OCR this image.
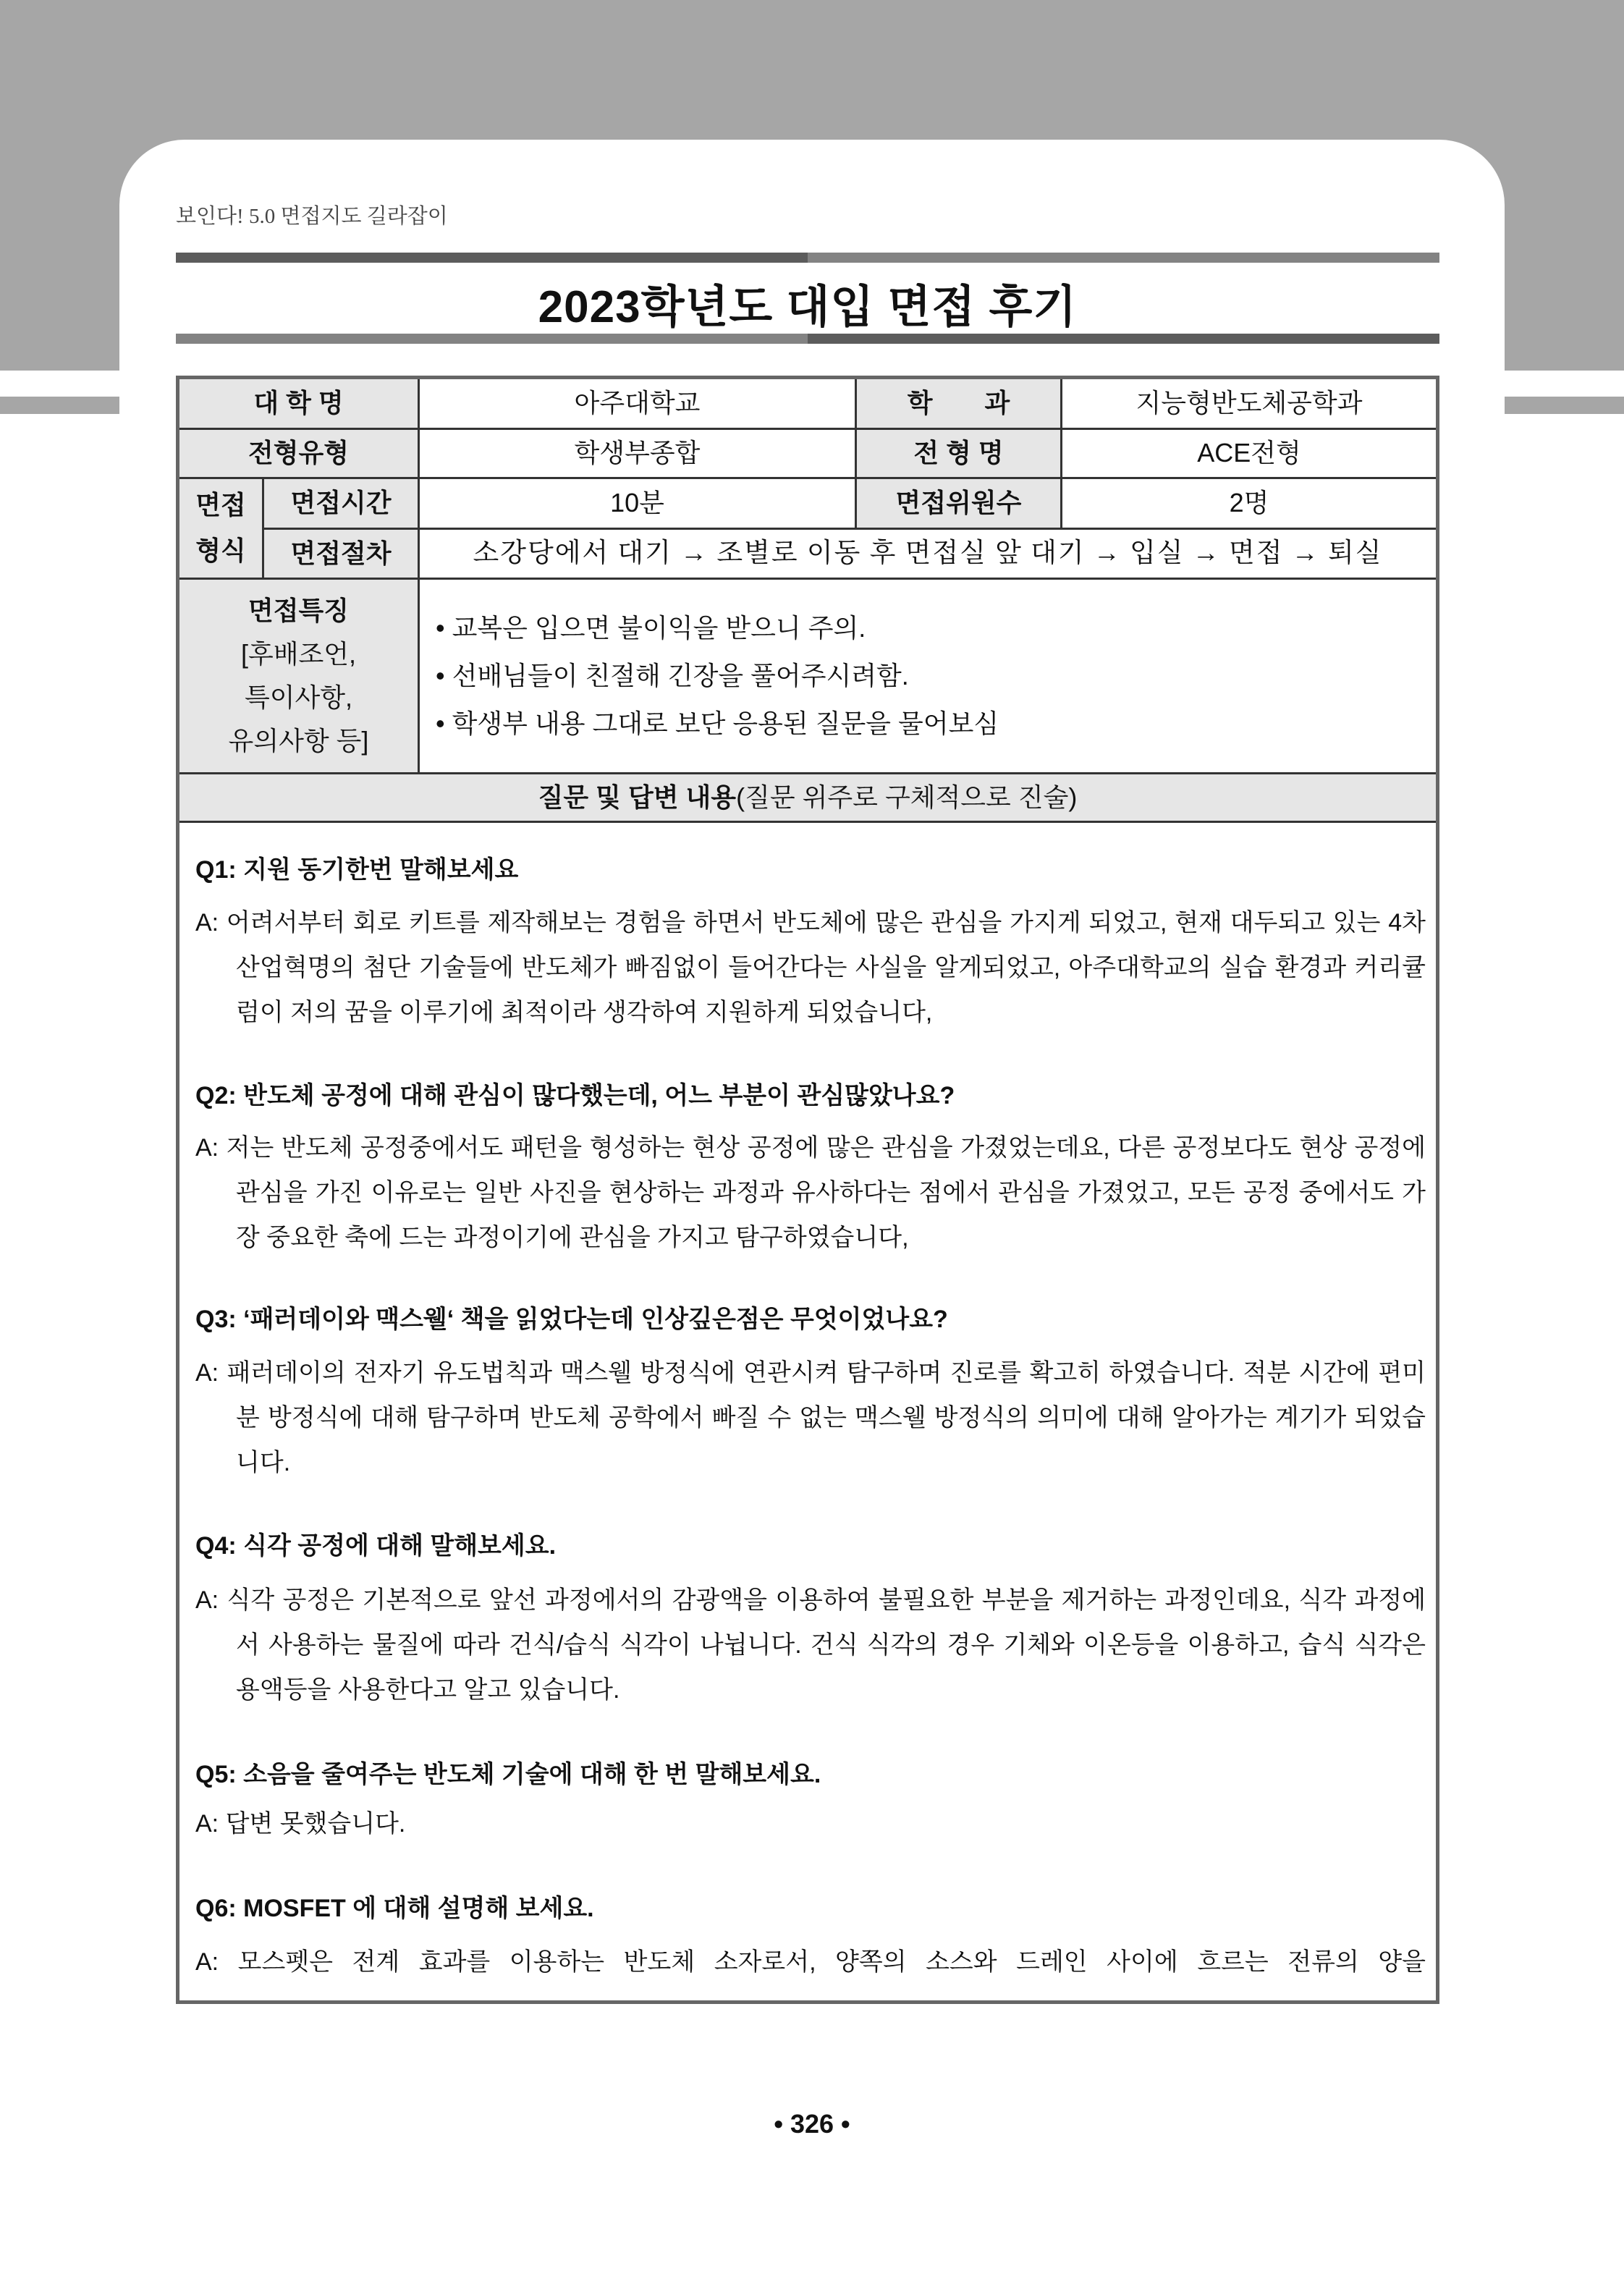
보인다! 5.0 면접지도 길라잡이
2023학년도 대입 면접 후기
대 학 명	아주대학교	학　　과	지능형반도체공학과
전형유형	학생부종합	전 형 명	ACE전형
면접
형식
면접시간	10분	면접위원수	2명
면접절차	소강당에서 대기 → 조별로 이동 후 면접실 앞 대기 → 입실 → 면접 → 퇴실
면접특징
[후배조언,
특이사항,
유의사항 등]
• 교복은 입으면 불이익을 받으니 주의.
• 선배님들이 친절해 긴장을 풀어주시려함.
• 학생부 내용 그대로 보단 응용된 질문을 물어보심
질문 및 답변 내용 (질문 위주로 구체적으로 진술)
Q1: 지원 동기한번 말해보세요
A: 어려서부터 회로 키트를 제작해보는 경험을 하면서 반도체에 많은 관심을 가지게 되었고, 현재 대두되고 있는 4차 산업혁명의 첨단 기술들에 반도체가 빠짐없이 들어간다는 사실을 알게되었고, 아주대학교의 실습 환경과 커리큘럼이 저의 꿈을 이루기에 최적이라 생각하여 지원하게 되었습니다,
Q2: 반도체 공정에 대해 관심이 많다했는데, 어느 부분이 관심많았나요?
A: 저는 반도체 공정중에서도 패턴을 형성하는 현상 공정에 많은 관심을 가졌었는데요, 다른 공정보다도 현상 공정에 관심을 가진 이유로는 일반 사진을 현상하는 과정과 유사하다는 점에서 관심을 가졌었고, 모든 공정 중에서도 가장 중요한 축에 드는 과정이기에 관심을 가지고 탐구하였습니다,
Q3: ‘패러데이와 맥스웰‘ 책을 읽었다는데 인상깊은점은 무엇이었나요?
A: 패러데이의 전자기 유도법칙과 맥스웰 방정식에 연관시켜 탐구하며 진로를 확고히 하였습니다. 적분 시간에 편미분 방정식에 대해 탐구하며 반도체 공학에서 빠질 수 없는 맥스웰 방정식의 의미에 대해 알아가는 계기가 되었습니다.
Q4: 식각 공정에 대해 말해보세요.
A: 식각 공정은 기본적으로 앞선 과정에서의 감광액을 이용하여 불필요한 부분을 제거하는 과정인데요, 식각 과정에서 사용하는 물질에 따라 건식/습식 식각이 나뉩니다. 건식 식각의 경우 기체와 이온등을 이용하고, 습식 식각은 용액등을 사용한다고 알고 있습니다.
Q5: 소음을 줄여주는 반도체 기술에 대해 한 번 말해보세요.
A: 답변 못했습니다.
Q6: MOSFET 에 대해 설명해 보세요.
A: 모스펫은 전계 효과를 이용하는 반도체 소자로서, 양쪽의 소스와 드레인 사이에 흐르는 전류의 양을
• 326 •
